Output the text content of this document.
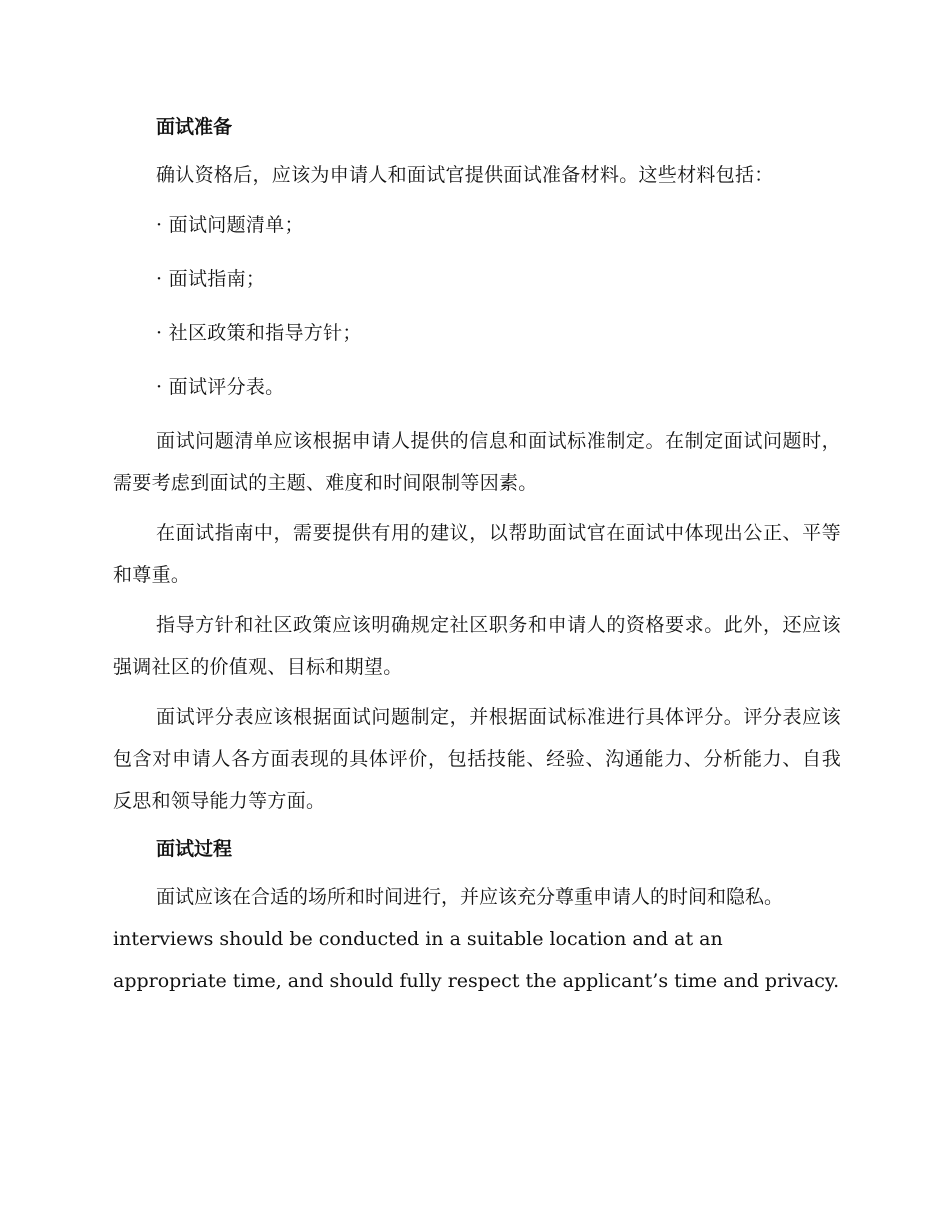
面试准备

确认资格后，应该为申请人和面试官提供面试准备材料。这些材料包括：

· 面试问题清单；
· 面试指南；
· 社区政策和指导方针；
· 面试评分表。

面试问题清单应该根据申请人提供的信息和面试标准制定。在制定面试问题时，需要考虑到面试的主题、难度和时间限制等因素。

在面试指南中，需要提供有用的建议，以帮助面试官在面试中体现出公正、平等和尊重。

指导方针和社区政策应该明确规定社区职务和申请人的资格要求。此外，还应该强调社区的价值观、目标和期望。

面试评分表应该根据面试问题制定，并根据面试标准进行具体评分。评分表应该包含对申请人各方面表现的具体评价，包括技能、经验、沟通能力、分析能力、自我反思和领导能力等方面。

面试过程

面试应该在合适的场所和时间进行，并应该充分尊重申请人的时间和隐私。 interviews should be conducted in a suitable location and at an appropriate time, and should fully respect the applicant’s time and privacy.
